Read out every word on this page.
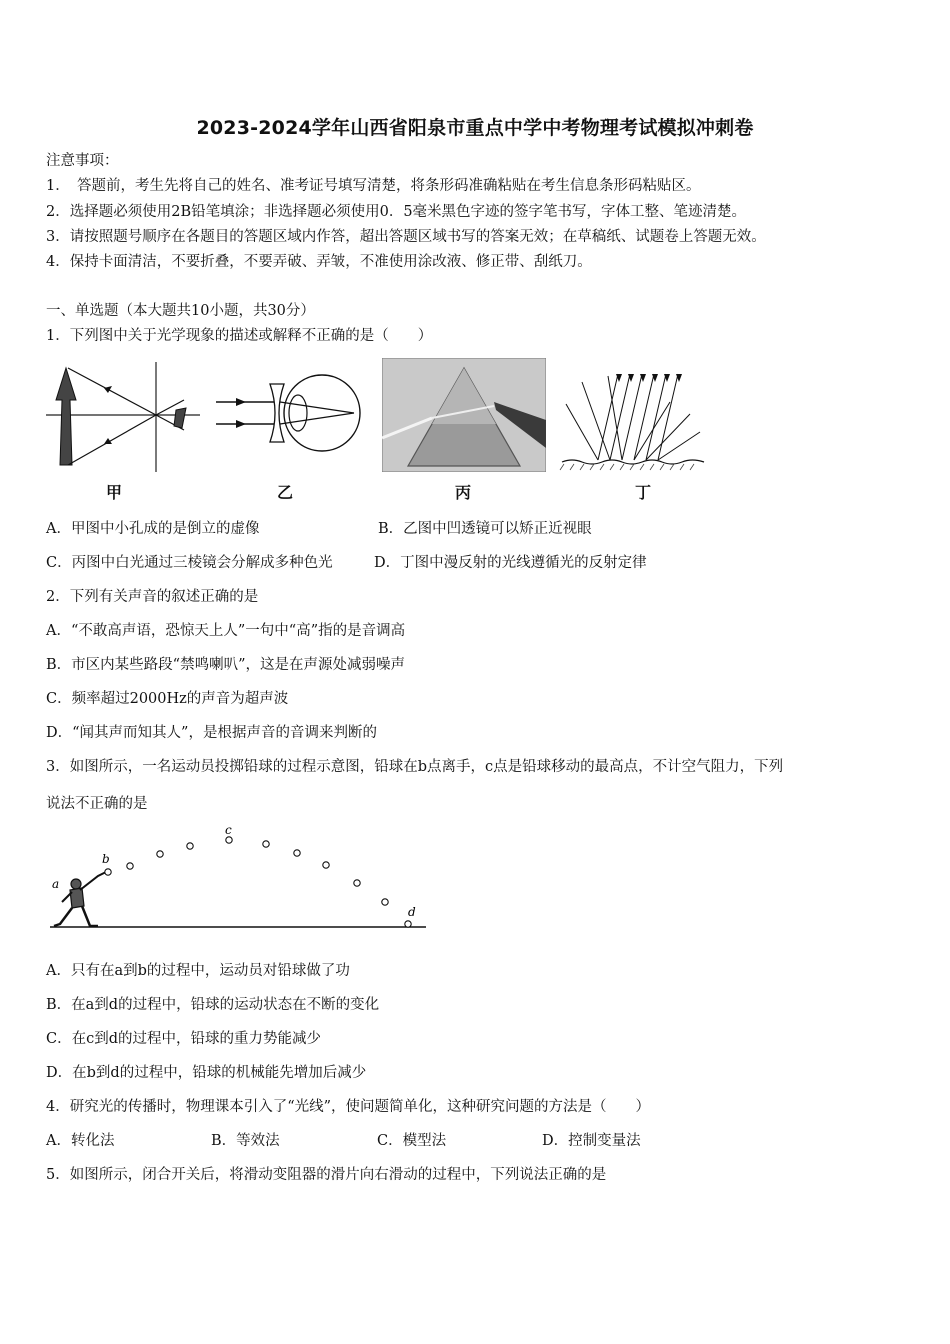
2023-2024学年山西省阳泉市重点中学中考物理考试模拟冲刺卷
注意事项：
1．　答题前，考生先将自己的姓名、准考证号填写清楚，将条形码准确粘贴在考生信息条形码粘贴区。
2．选择题必须使用2B铅笔填涂；非选择题必须使用0．5毫米黑色字迹的签字笔书写，字体工整、笔迹清楚。
3．请按照题号顺序在各题目的答题区域内作答，超出答题区域书写的答案无效；在草稿纸、试题卷上答题无效。
4．保持卡面清洁，不要折叠，不要弄破、弄皱，不准使用涂改液、修正带、刮纸刀。
一、单选题（本大题共10小题，共30分）
1．下列图中关于光学现象的描述或解释不正确的是（　　）
甲	乙	丙	丁
A．甲图中小孔成的是倒立的虚像	B．乙图中凹透镜可以矫正近视眼
C．丙图中白光通过三棱镜会分解成多种色光	D．丁图中漫反射的光线遵循光的反射定律
2．下列有关声音的叙述正确的是
A．“不敢高声语，恐惊天上人”一句中“高”指的是音调高
B．市区内某些路段“禁鸣喇叭”，这是在声源处减弱噪声
C．频率超过2000Hz的声音为超声波
D．“闻其声而知其人”，是根据声音的音调来判断的
3．如图所示，一名运动员投掷铅球的过程示意图，铅球在b点离手，c点是铅球移动的最高点，不计空气阻力，下列
说法不正确的是
a
b
c
d
A．只有在a到b的过程中，运动员对铅球做了功
B．在a到d的过程中，铅球的运动状态在不断的变化
C．在c到d的过程中，铅球的重力势能减少
D．在b到d的过程中，铅球的机械能先增加后减少
4．研究光的传播时，物理课本引入了“光线”，使问题简单化，这种研究问题的方法是（　　）
A．转化法	B．等效法	C．模型法	D．控制变量法
5．如图所示，闭合开关后，将滑动变阻器的滑片向右滑动的过程中，下列说法正确的是
